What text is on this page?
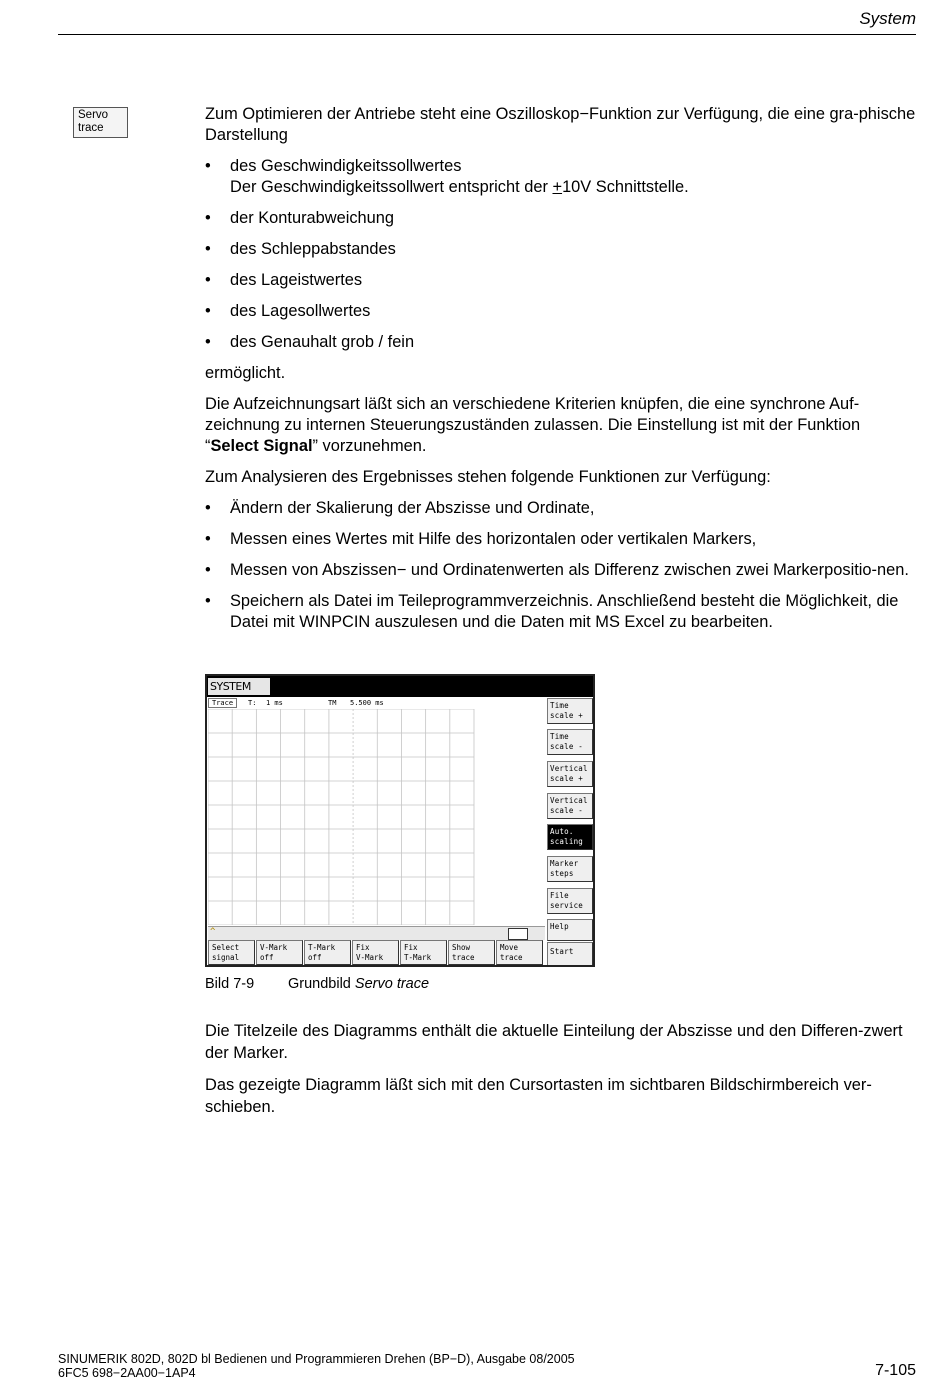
System
Servo
trace

Zum Optimieren der Antriebe steht eine Oszilloskop−Funktion zur Verfügung, die eine gra-phische Darstellung

• des Geschwindigkeitssollwertes
Der Geschwindigkeitssollwert entspricht der +10V Schnittstelle.
• der Konturabweichung
• des Schleppabstandes
• des Lageistwertes
• des Lagesollwertes
• des Genauhalt grob / fein

ermöglicht.

Die Aufzeichnungsart läßt sich an verschiedene Kriterien knüpfen, die eine synchrone Auf-zeichnung zu internen Steuerungszuständen zulassen. Die Einstellung ist mit der Funktion “Select Signal” vorzunehmen.

Zum Analysieren des Ergebnisses stehen folgende Funktionen zur Verfügung:

• Ändern der Skalierung der Abszisse und Ordinate,
• Messen eines Wertes mit Hilfe des horizontalen oder vertikalen Markers,
• Messen von Abszissen− und Ordinatenwerten als Differenz zwischen zwei Markerpositio-nen.
• Speichern als Datei im Teileprogrammverzeichnis. Anschließend besteht die Möglichkeit, die Datei mit WINPCIN auszulesen und die Daten mit MS Excel zu bearbeiten.
SYSTEM
Trace	T: 1 ms	TM 5.500 ms
^
Time
scale +
Time
scale -
Vertical
scale +
Vertical
scale -
Auto.
scaling
Marker
steps
File
service
Help
Start
Select
signal
V-Mark
off
T-Mark
off
Fix
V-Mark
Fix
T-Mark
Show
trace
Move
trace
Bild 7-9 Grundbild Servo trace

Die Titelzeile des Diagramms enthält die aktuelle Einteilung der Abszisse und den Differen-zwert der Marker.

Das gezeigte Diagramm läßt sich mit den Cursortasten im sichtbaren Bildschirmbereich ver-schieben.

SINUMERIK 802D, 802D bl Bedienen und Programmieren Drehen (BP−D), Ausgabe 08/2005
6FC5 698−2AA00−1AP4	7-105
